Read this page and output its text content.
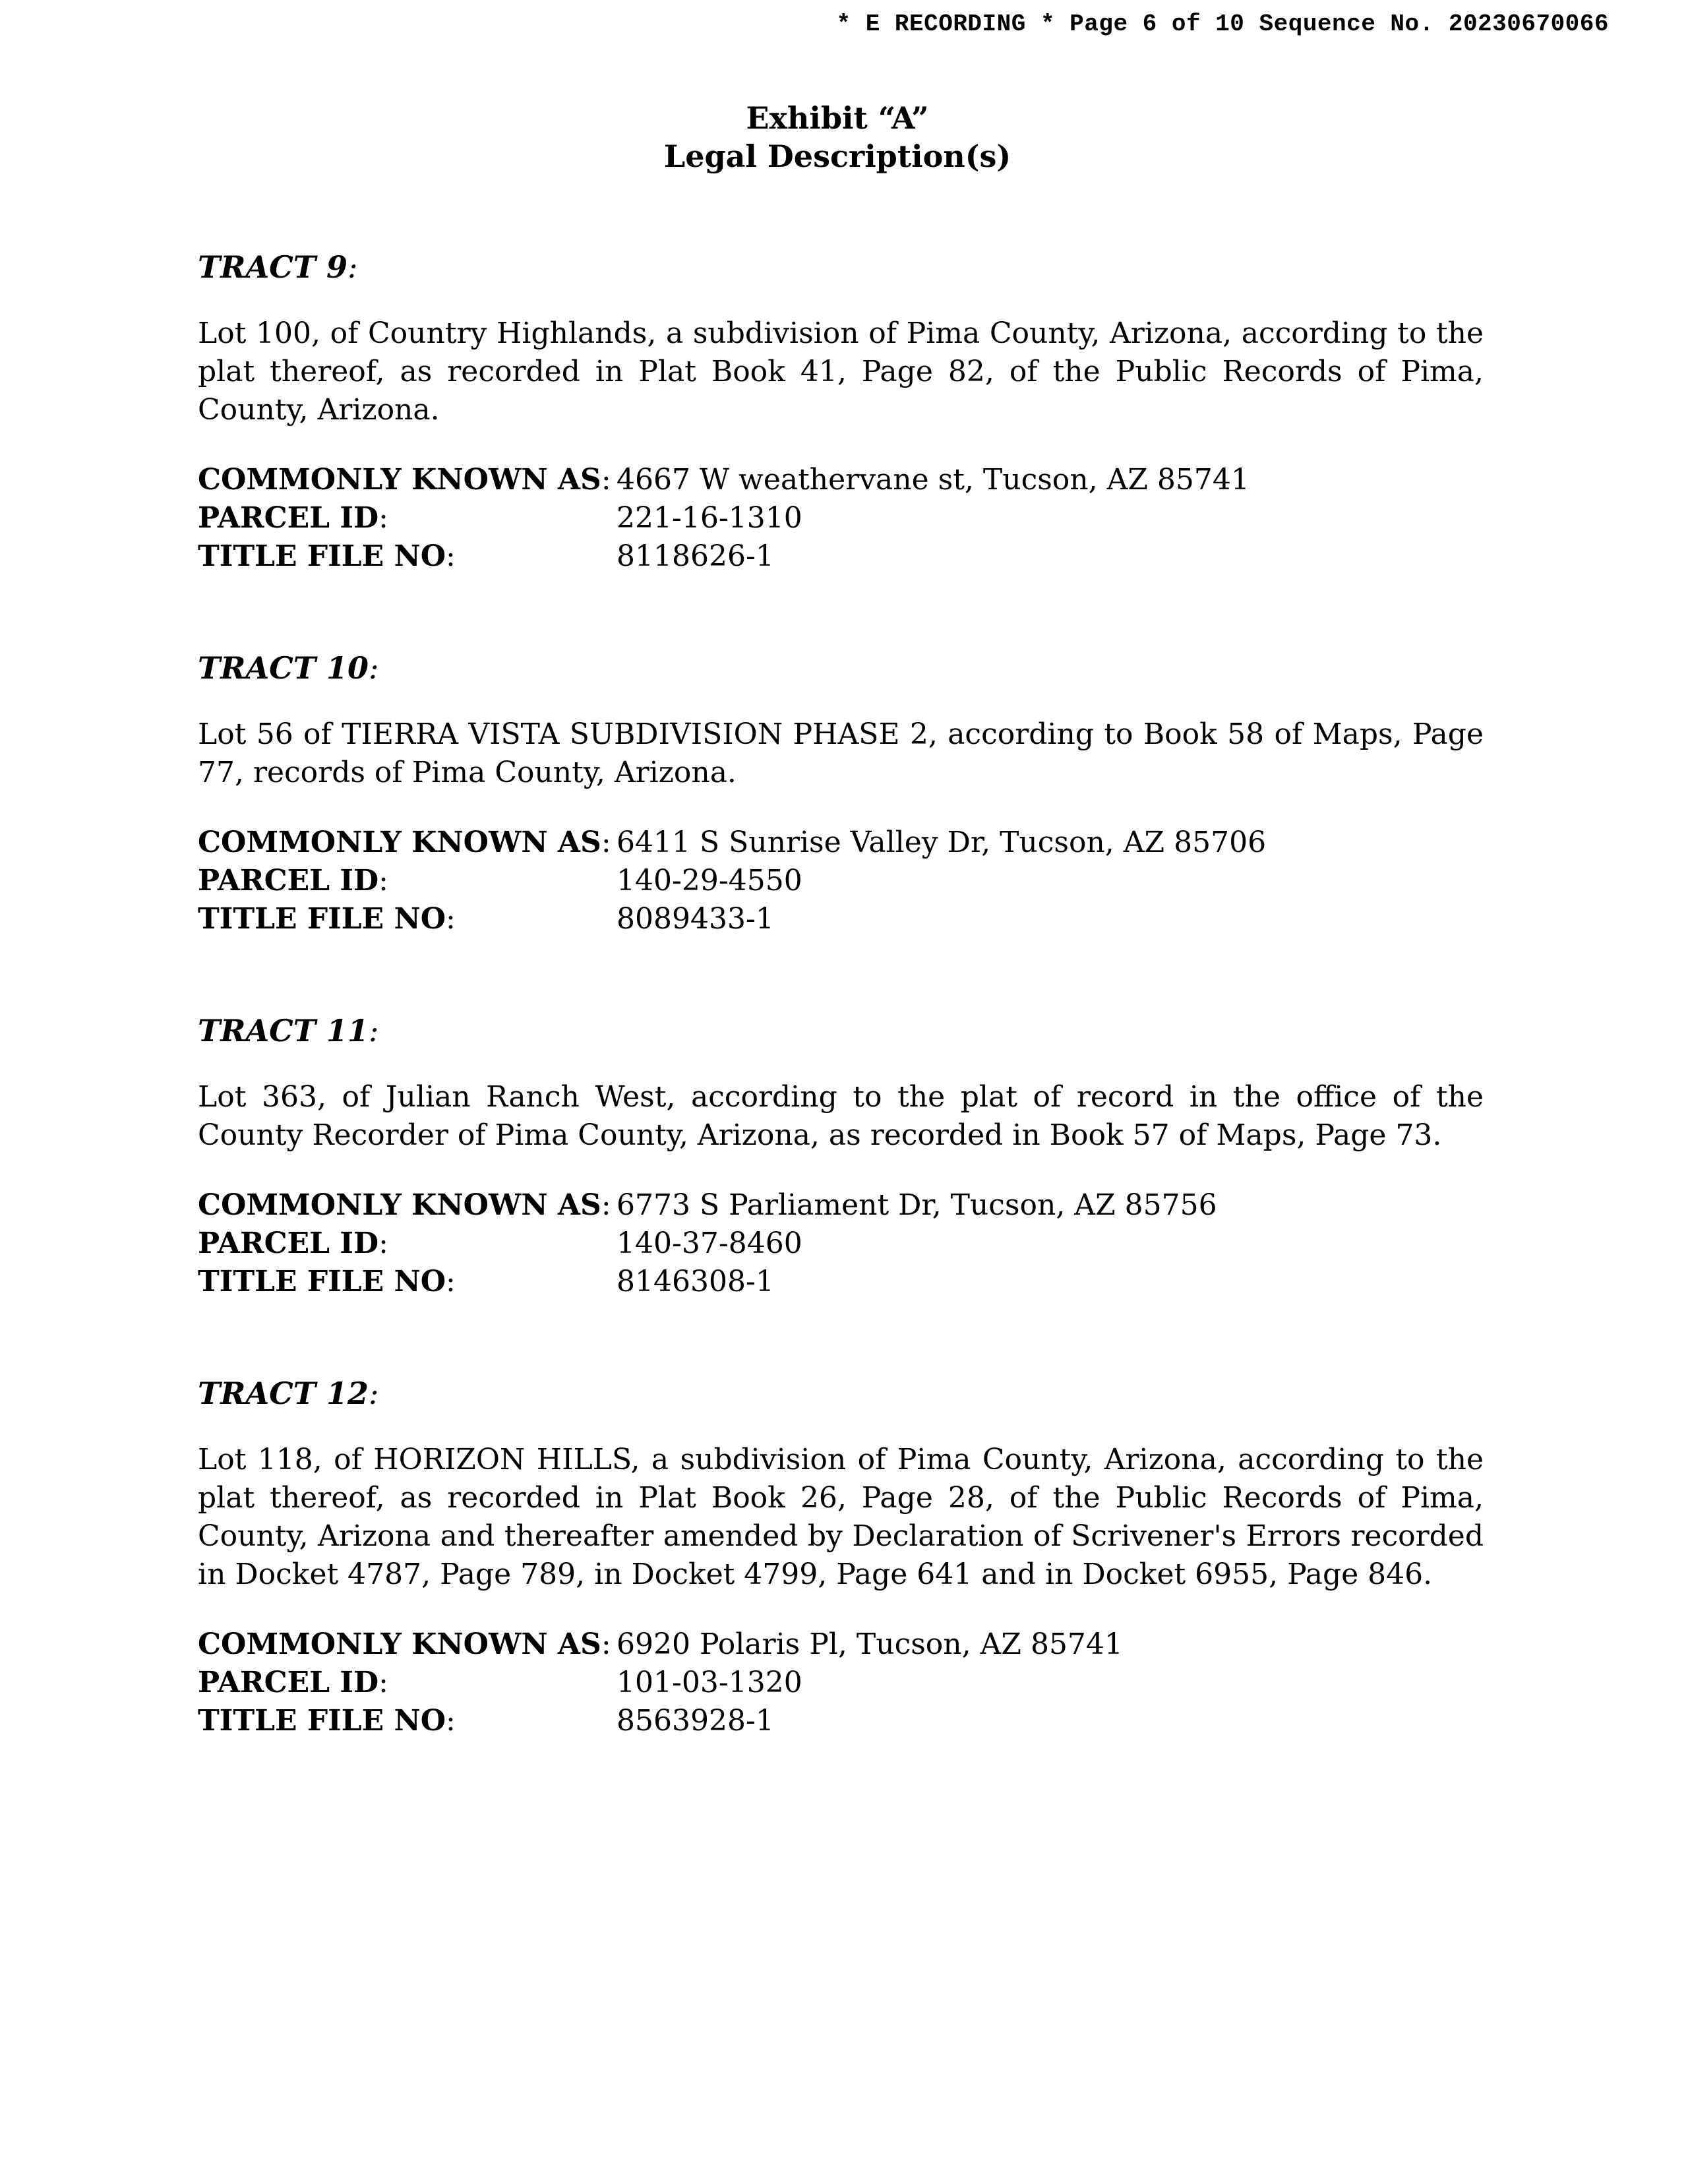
* E RECORDING * Page 6 of 10 Sequence No. 20230670066
Exhibit “A”
Legal Description(s)
TRACT 9:
Lot 100, of Country Highlands, a subdivision of Pima County, Arizona, according to the plat thereof, as recorded in Plat Book 41, Page 82, of the Public Records of Pima, County, Arizona.
COMMONLY KNOWN AS: 4667 W weathervane st, Tucson, AZ 85741
PARCEL ID:	221-16-1310
TITLE FILE NO:	8118626-1
TRACT 10:
Lot 56 of TIERRA VISTA SUBDIVISION PHASE 2, according to Book 58 of Maps, Page 77, records of Pima County, Arizona.
COMMONLY KNOWN AS: 6411 S Sunrise Valley Dr, Tucson, AZ 85706
PARCEL ID:	140-29-4550
TITLE FILE NO:	8089433-1
TRACT 11:
Lot 363, of Julian Ranch West, according to the plat of record in the office of the County Recorder of Pima County, Arizona, as recorded in Book 57 of Maps, Page 73.
COMMONLY KNOWN AS: 6773 S Parliament Dr, Tucson, AZ 85756
PARCEL ID:	140-37-8460
TITLE FILE NO:	8146308-1
TRACT 12:
Lot 118, of HORIZON HILLS, a subdivision of Pima County, Arizona, according to the plat thereof, as recorded in Plat Book 26, Page 28, of the Public Records of Pima, County, Arizona and thereafter amended by Declaration of Scrivener's Errors recorded in Docket 4787, Page 789, in Docket 4799, Page 641 and in Docket 6955, Page 846.
COMMONLY KNOWN AS: 6920 Polaris Pl, Tucson, AZ 85741
PARCEL ID:	101-03-1320
TITLE FILE NO:	8563928-1
